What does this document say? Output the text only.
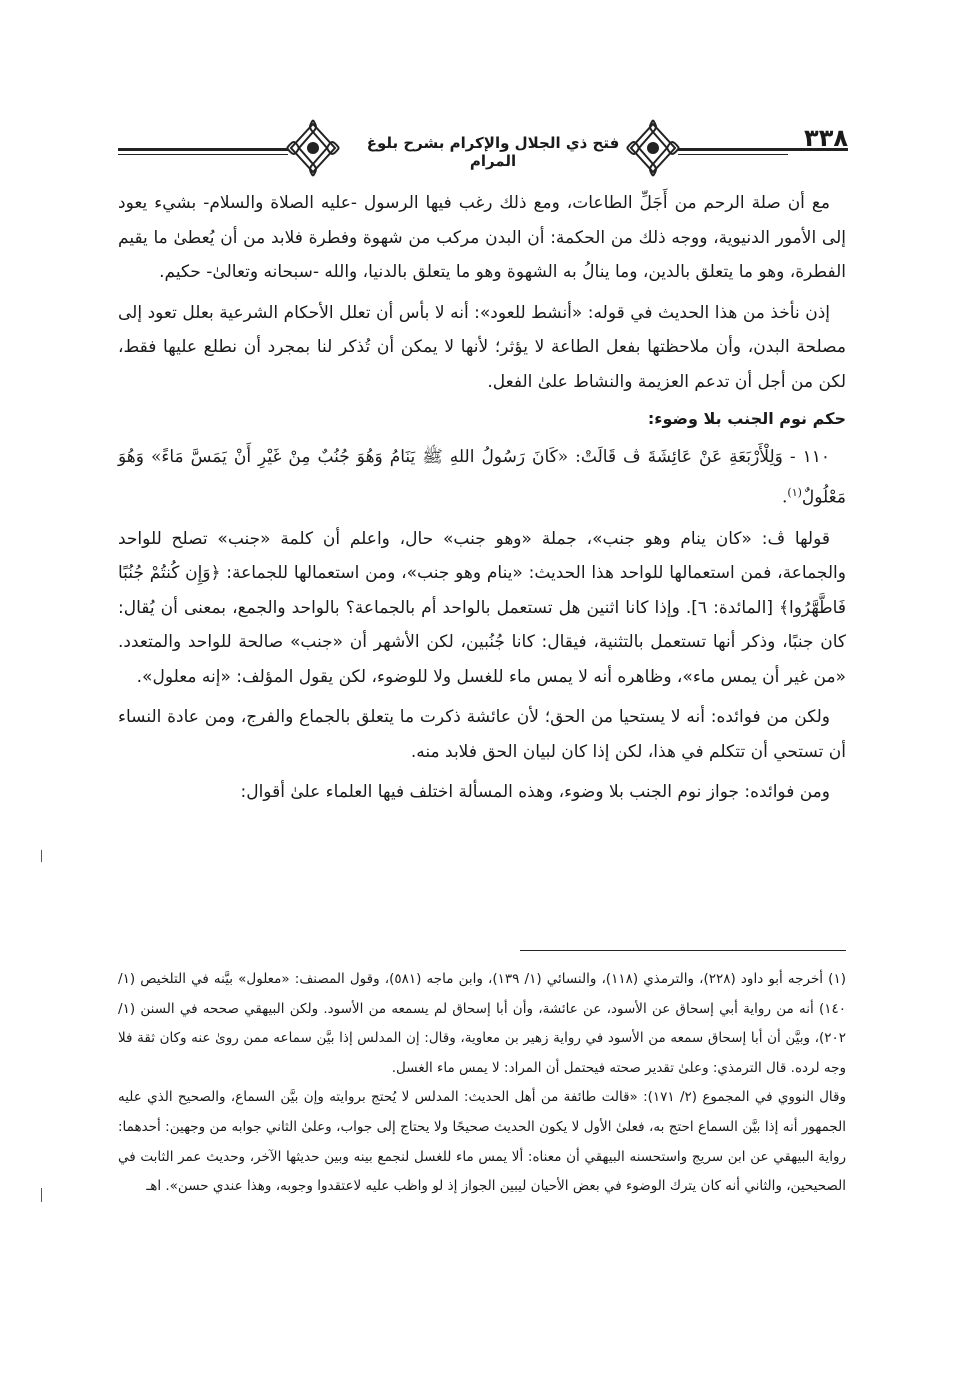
فتح ذي الجلال والإكرام بشرح بلوغ المرام
٣٣٨

مع أن صلة الرحم من أَجَلِّ الطاعات، ومع ذلك رغب فيها الرسول -عليه الصلاة والسلام- بشيء يعود إلى الأمور الدنيوية، ووجه ذلك من الحكمة: أن البدن مركب من شهوة وفطرة فلابد من أن يُعطىٰ ما يقيم الفطرة، وهو ما يتعلق بالدين، وما ينالُ به الشهوة وهو ما يتعلق بالدنيا، والله -سبحانه وتعالىٰ- حكيم.

إذن نأخذ من هذا الحديث في قوله: «أنشط للعود»: أنه لا بأس أن تعلل الأحكام الشرعية بعلل تعود إلى مصلحة البدن، وأن ملاحظتها بفعل الطاعة لا يؤثر؛ لأنها لا يمكن أن تُذكر لنا بمجرد أن نطلع عليها فقط، لكن من أجل أن تدعم العزيمة والنشاط علىٰ الفعل.

حكم نوم الجنب بلا وضوء:

١١٠ - وَلِلْأَرْبَعَةِ عَنْ عَائِشَةَ ڤ قَالَتْ: «كَانَ رَسُولُ اللهِ ﷺ يَنَامُ وَهُوَ جُنُبٌ مِنْ غَيْرِ أَنْ يَمَسَّ مَاءً» وَهُوَ مَعْلُولٌ$^{(١)}$.

قولها ڤ: «كان ينام وهو جنب»، جملة «وهو جنب» حال، واعلم أن كلمة «جنب» تصلح للواحد والجماعة، فمن استعمالها للواحد هذا الحديث: «ينام وهو جنب»، ومن استعمالها للجماعة: ﴿وَإِن كُنتُمْ جُنُبًا فَاطَّهَّرُوا﴾ [المائدة: ٦]. وإذا كانا اثنين هل تستعمل بالواحد أم بالجماعة؟ بالواحد والجمع، بمعنى أن يُقال: كان جنبًا، وذكر أنها تستعمل بالتثنية، فيقال: كانا جُنُبين، لكن الأشهر أن «جنب» صالحة للواحد والمتعدد. «من غير أن يمس ماء»، وظاهره أنه لا يمس ماء للغسل ولا للوضوء، لكن يقول المؤلف: «إنه معلول».

ولكن من فوائده: أنه لا يستحيا من الحق؛ لأن عائشة ذكرت ما يتعلق بالجماع والفرج، ومن عادة النساء أن تستحي أن تتكلم في هذا، لكن إذا كان لبيان الحق فلابد منه.

ومن فوائده: جواز نوم الجنب بلا وضوء، وهذه المسألة اختلف فيها العلماء علىٰ أقوال:

(١) أخرجه أبو داود (٢٢٨)، والترمذي (١١٨)، والنسائي (١/ ١٣٩)، وابن ماجه (٥٨١)، وقول المصنف: «معلول» بيَّنه في التلخيص (١/ ١٤٠) أنه من رواية أبي إسحاق عن الأسود، عن عائشة، وأن أبا إسحاق لم يسمعه من الأسود. ولكن البيهقي صححه في السنن (١/ ٢٠٢)، وبيَّن أن أبا إسحاق سمعه من الأسود في رواية زهير بن معاوية، وقال: إن المدلس إذا بيَّن سماعه ممن روىٰ عنه وكان ثقة فلا وجه لرده. قال الترمذي: وعلىٰ تقدير صحته فيحتمل أن المراد: لا يمس ماء الغسل.

وقال النووي في المجموع (٢/ ١٧١): «قالت طائفة من أهل الحديث: المدلس لا يُحتج بروايته وإن بيَّن السماع، والصحيح الذي عليه الجمهور أنه إذا بيَّن السماع احتج به، فعلىٰ الأول لا يكون الحديث صحيحًا ولا يحتاج إلى جواب، وعلىٰ الثاني جوابه من وجهين: أحدهما: رواية البيهقي عن ابن سريج واستحسنه البيهقي أن معناه: ألا يمس ماء للغسل لنجمع بينه وبين حديثها الآخر، وحديث عمر الثابت في الصحيحين، والثاني أنه كان يترك الوضوء في بعض الأحيان ليبين الجواز إذ لو واظب عليه لاعتقدوا وجوبه، وهذا عندي حسن». اهـ
